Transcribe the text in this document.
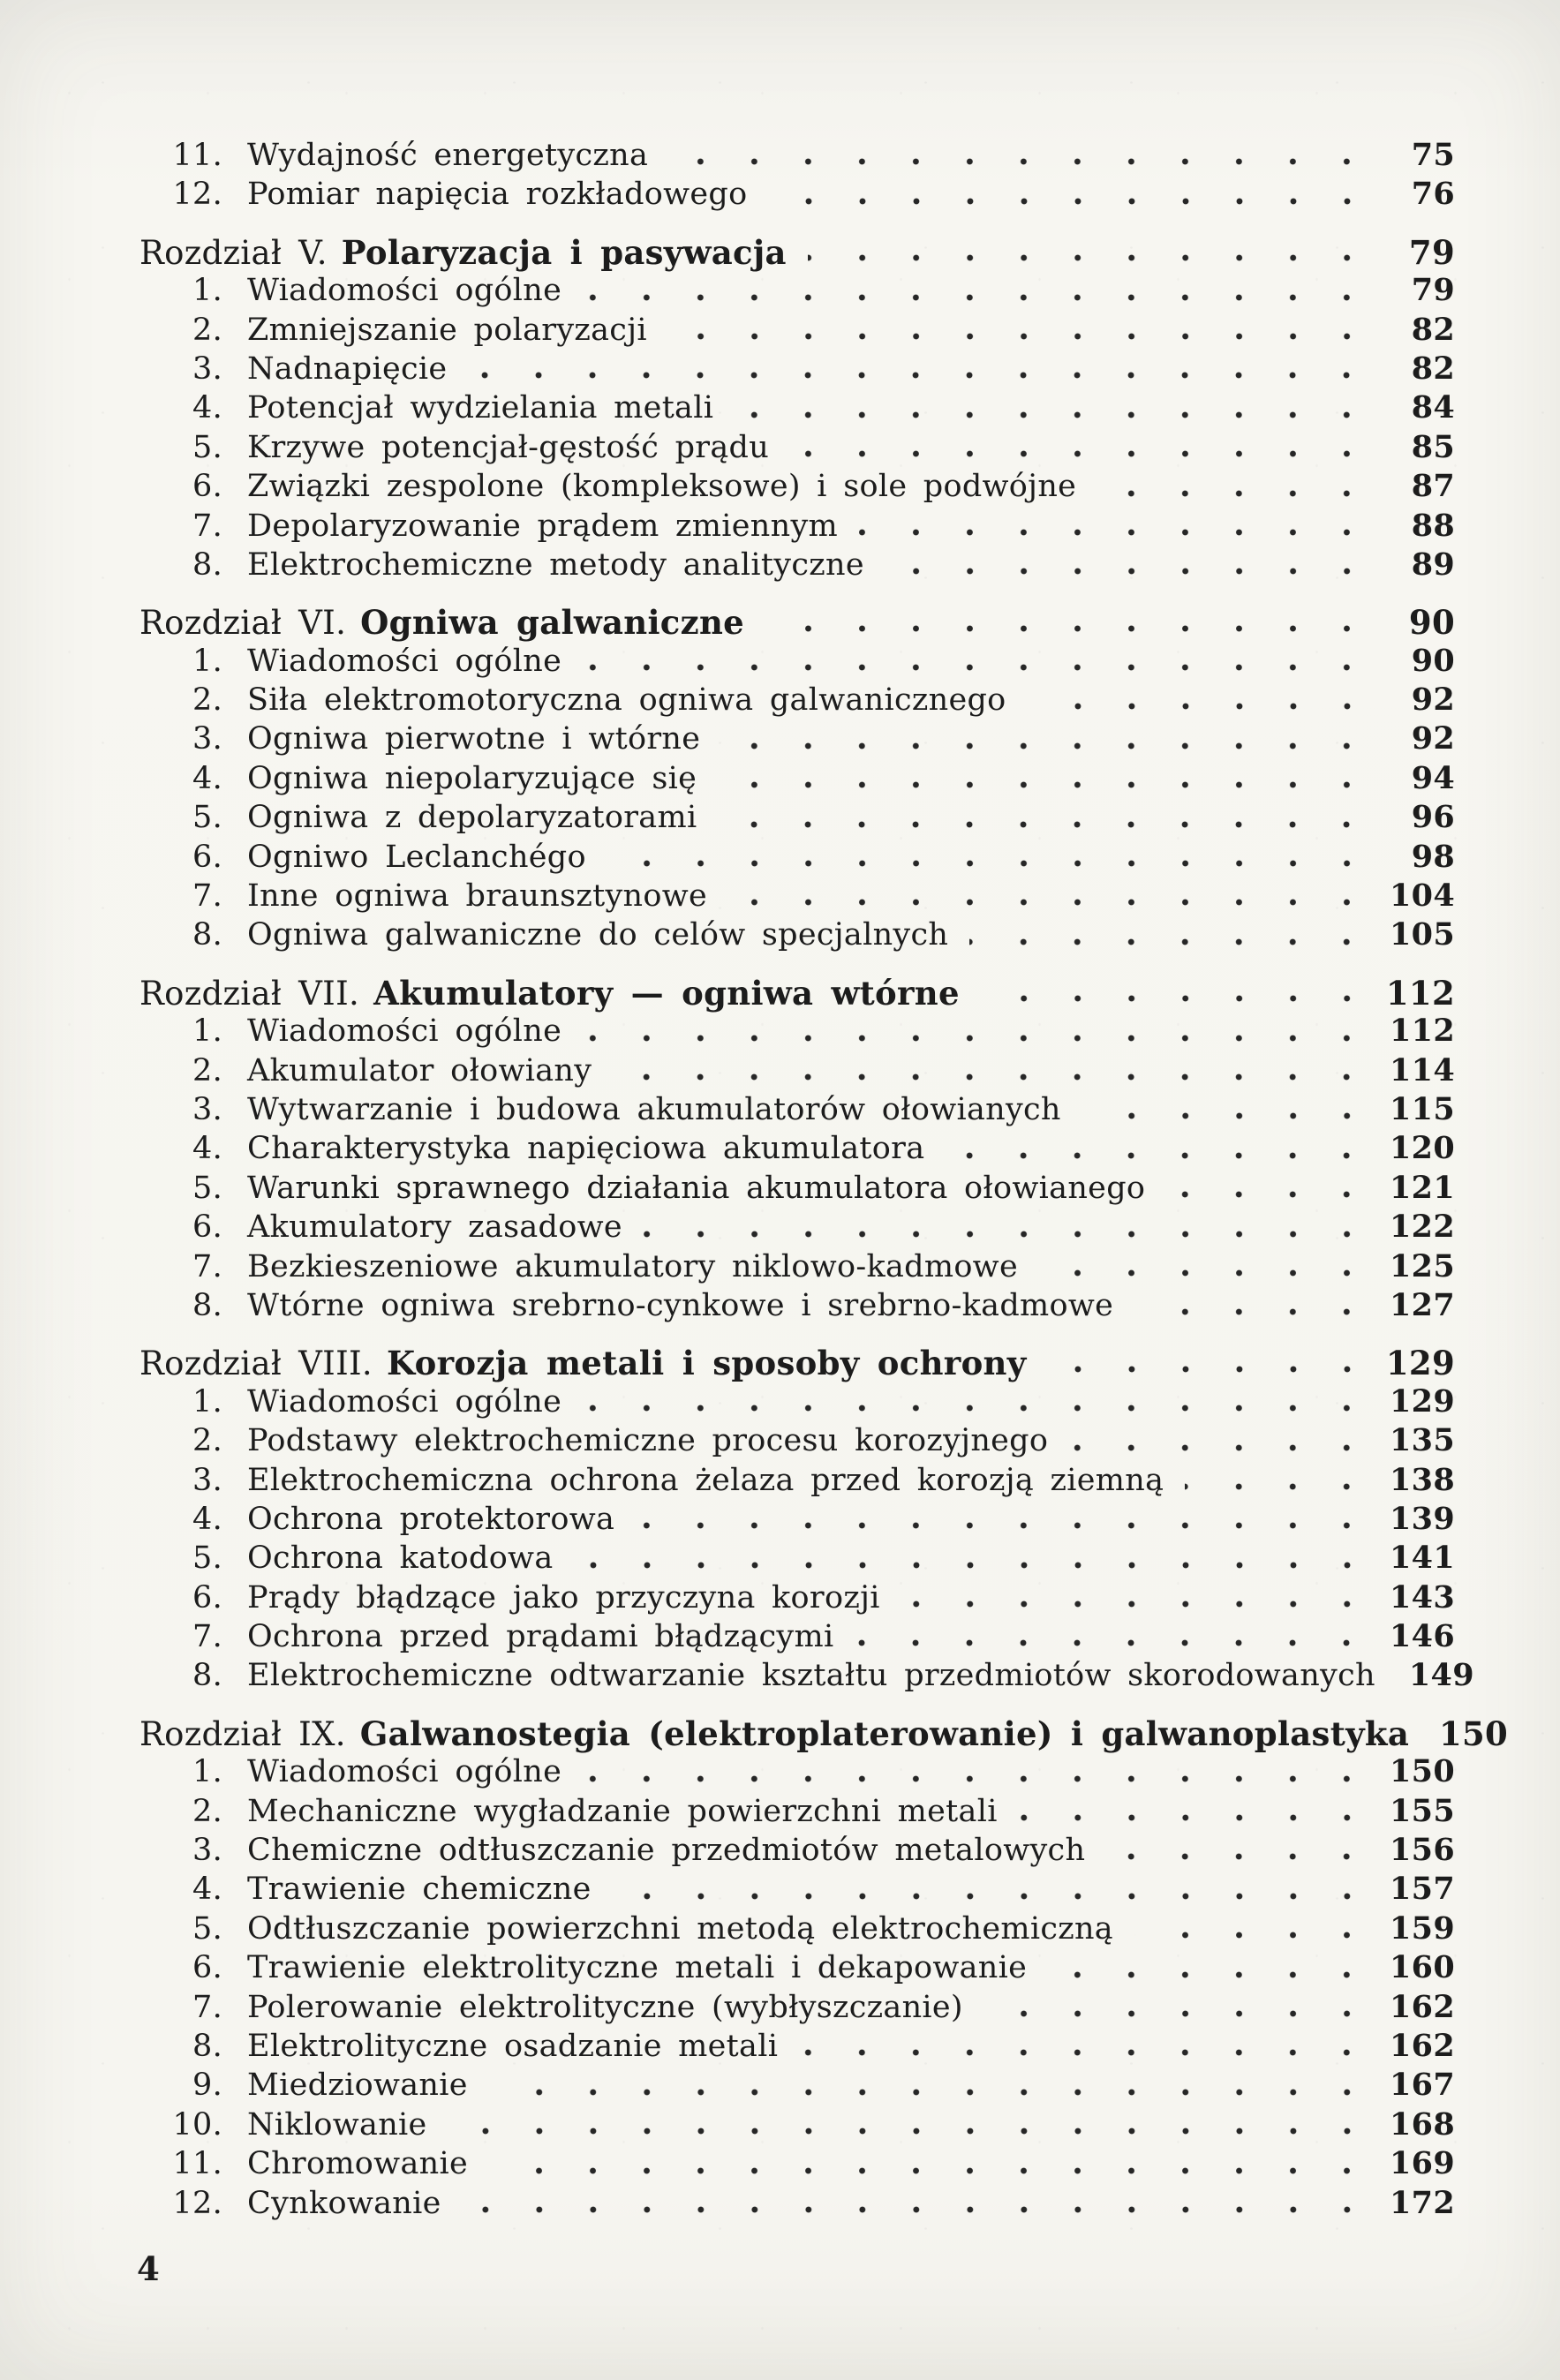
11. Wydajność energetyczna	75
12. Pomiar napięcia rozkładowego	76
Rozdział V. Polaryzacja i pasywacja	79
1. Wiadomości ogólne	79
2. Zmniejszanie polaryzacji	82
3. Nadnapięcie	82
4. Potencjał wydzielania metali	84
5. Krzywe potencjał-gęstość prądu	85
6. Związki zespolone (kompleksowe) i sole podwójne	87
7. Depolaryzowanie prądem zmiennym	88
8. Elektrochemiczne metody analityczne	89
Rozdział VI. Ogniwa galwaniczne	90
1. Wiadomości ogólne	90
2. Siła elektromotoryczna ogniwa galwanicznego	92
3. Ogniwa pierwotne i wtórne	92
4. Ogniwa niepolaryzujące się	94
5. Ogniwa z depolaryzatorami	96
6. Ogniwo Leclanchégo	98
7. Inne ogniwa braunsztynowe	104
8. Ogniwa galwaniczne do celów specjalnych	105
Rozdział VII. Akumulatory — ogniwa wtórne	112
1. Wiadomości ogólne	112
2. Akumulator ołowiany	114
3. Wytwarzanie i budowa akumulatorów ołowianych	115
4. Charakterystyka napięciowa akumulatora	120
5. Warunki sprawnego działania akumulatora ołowianego	121
6. Akumulatory zasadowe	122
7. Bezkieszeniowe akumulatory niklowo-kadmowe	125
8. Wtórne ogniwa srebrno-cynkowe i srebrno-kadmowe	127
Rozdział VIII. Korozja metali i sposoby ochrony	129
1. Wiadomości ogólne	129
2. Podstawy elektrochemiczne procesu korozyjnego	135
3. Elektrochemiczna ochrona żelaza przed korozją ziemną	138
4. Ochrona protektorowa	139
5. Ochrona katodowa	141
6. Prądy błądzące jako przyczyna korozji	143
7. Ochrona przed prądami błądzącymi	146
8. Elektrochemiczne odtwarzanie kształtu przedmiotów skorodowanych	149
Rozdział IX. Galwanostegia (elektroplaterowanie) i galwanoplastyka 150
1. Wiadomości ogólne	150
2. Mechaniczne wygładzanie powierzchni metali	155
3. Chemiczne odtłuszczanie przedmiotów metalowych	156
4. Trawienie chemiczne	157
5. Odtłuszczanie powierzchni metodą elektrochemiczną	159
6. Trawienie elektrolityczne metali i dekapowanie	160
7. Polerowanie elektrolityczne (wybłyszczanie)	162
8. Elektrolityczne osadzanie metali	162
9. Miedziowanie	167
10. Niklowanie	168
11. Chromowanie	169
12. Cynkowanie	172
4
